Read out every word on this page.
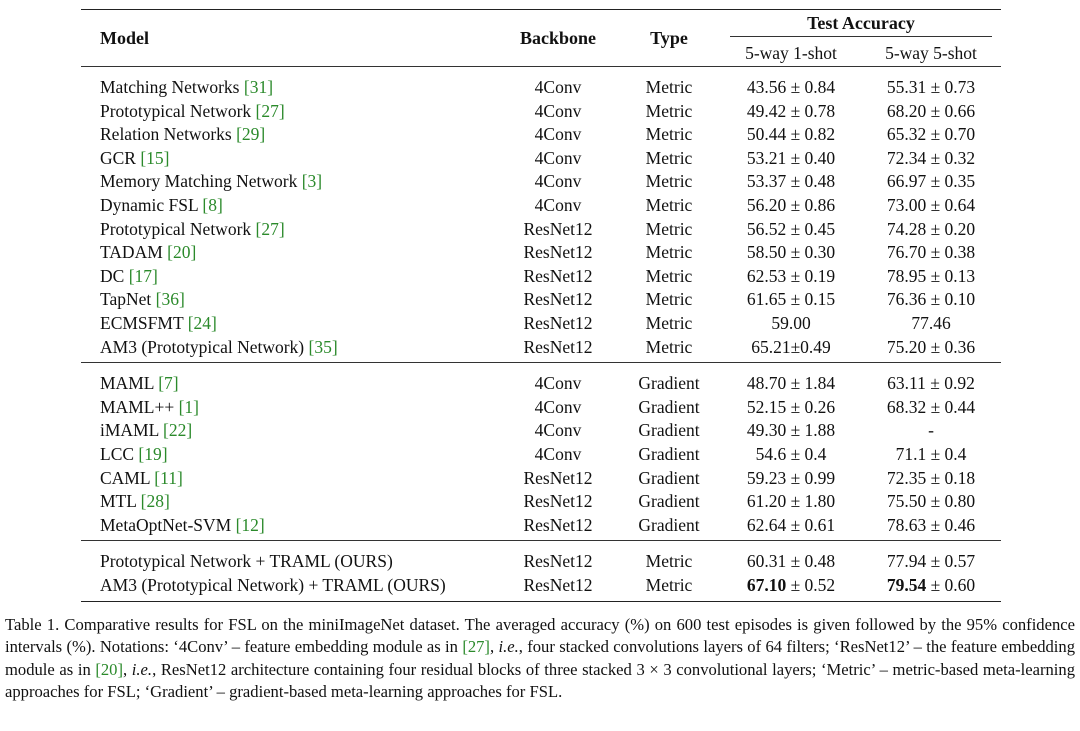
Model	Backbone	Type	Test Accuracy	
			5-way 1-shot	5-way 5-shot
Matching Networks [31]	4Conv	Metric	43.56 ± 0.84	55.31 ± 0.73
Prototypical Network [27]	4Conv	Metric	49.42 ± 0.78	68.20 ± 0.66
Relation Networks [29]	4Conv	Metric	50.44 ± 0.82	65.32 ± 0.70
GCR [15]	4Conv	Metric	53.21 ± 0.40	72.34 ± 0.32
Memory Matching Network [3]	4Conv	Metric	53.37 ± 0.48	66.97 ± 0.35
Dynamic FSL [8]	4Conv	Metric	56.20 ± 0.86	73.00 ± 0.64
Prototypical Network [27]	ResNet12	Metric	56.52 ± 0.45	74.28 ± 0.20
TADAM [20]	ResNet12	Metric	58.50 ± 0.30	76.70 ± 0.38
DC [17]	ResNet12	Metric	62.53 ± 0.19	78.95 ± 0.13
TapNet [36]	ResNet12	Metric	61.65 ± 0.15	76.36 ± 0.10
ECMSFMT [24]	ResNet12	Metric	59.00	77.46
AM3 (Prototypical Network) [35]	ResNet12	Metric	65.21±0.49	75.20 ± 0.36
MAML [7]	4Conv	Gradient	48.70 ± 1.84	63.11 ± 0.92
MAML++ [1]	4Conv	Gradient	52.15 ± 0.26	68.32 ± 0.44
iMAML [22]	4Conv	Gradient	49.30 ± 1.88	-
LCC [19]	4Conv	Gradient	54.6 ± 0.4	71.1 ± 0.4
CAML [11]	ResNet12	Gradient	59.23 ± 0.99	72.35 ± 0.18
MTL [28]	ResNet12	Gradient	61.20 ± 1.80	75.50 ± 0.80
MetaOptNet-SVM [12]	ResNet12	Gradient	62.64 ± 0.61	78.63 ± 0.46
Prototypical Network + TRAML (OURS)	ResNet12	Metric	60.31 ± 0.48	77.94 ± 0.57
AM3 (Prototypical Network) + TRAML (OURS)	ResNet12	Metric	67.10 ± 0.52	79.54 ± 0.60
Table 1. Comparative results for FSL on the miniImageNet dataset. The averaged accuracy (%) on 600 test episodes is given followed by the 95% confidence intervals (%). Notations: ‘4Conv’ – feature embedding module as in [27], i.e., four stacked convolutions layers of 64 filters; ‘ResNet12’ – the feature embedding module as in [20], i.e., ResNet12 architecture containing four residual blocks of three stacked 3 × 3 convolutional layers; ‘Metric’ – metric-based meta-learning approaches for FSL; ‘Gradient’ – gradient-based meta-learning approaches for FSL.
